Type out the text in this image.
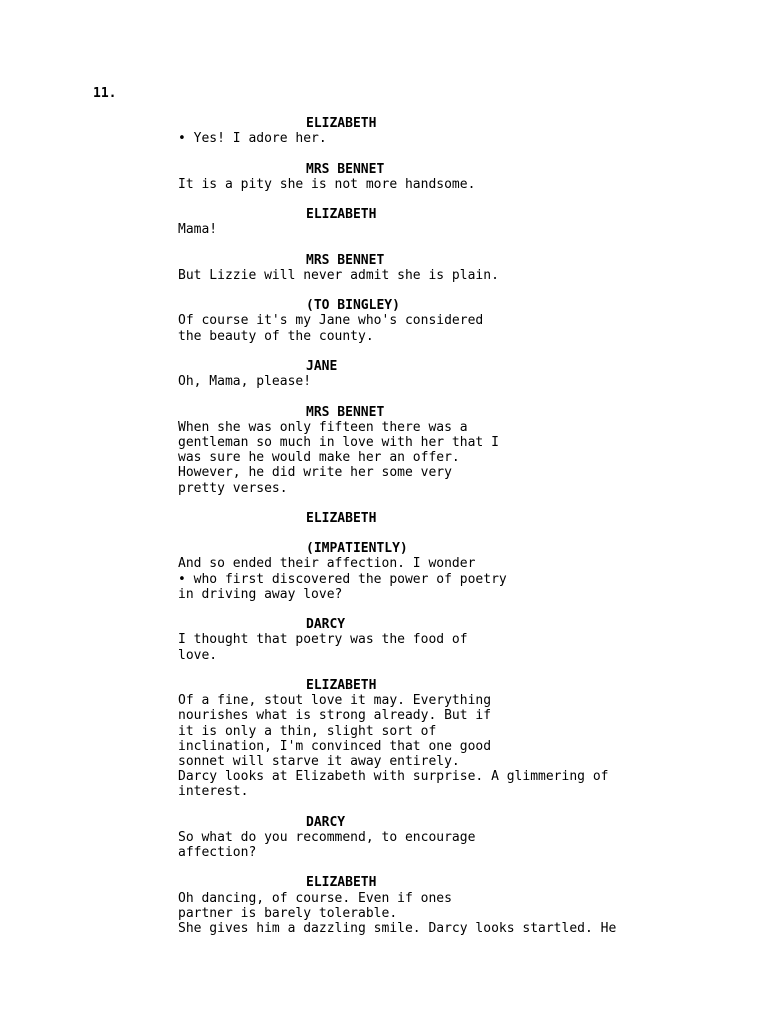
11.
ELIZABETH
• Yes! I adore her.
MRS BENNET
It is a pity she is not more handsome.
ELIZABETH
Mama!
MRS BENNET
But Lizzie will never admit she is plain.
(TO BINGLEY)
Of course it's my Jane who's considered
the beauty of the county.
JANE
Oh, Mama, please!
MRS BENNET
When she was only fifteen there was a
gentleman so much in love with her that I
was sure he would make her an offer.
However, he did write her some very
pretty verses.
ELIZABETH
(IMPATIENTLY)
And so ended their affection. I wonder
• who first discovered the power of poetry
in driving away love?
DARCY
I thought that poetry was the food of
love.
ELIZABETH
Of a fine, stout love it may. Everything
nourishes what is strong already. But if
it is only a thin, slight sort of
inclination, I'm convinced that one good
sonnet will starve it away entirely.
Darcy looks at Elizabeth with surprise. A glimmering of
interest.
DARCY
So what do you recommend, to encourage
affection?
ELIZABETH
Oh dancing, of course. Even if ones
partner is barely tolerable.
She gives him a dazzling smile. Darcy looks startled. He
